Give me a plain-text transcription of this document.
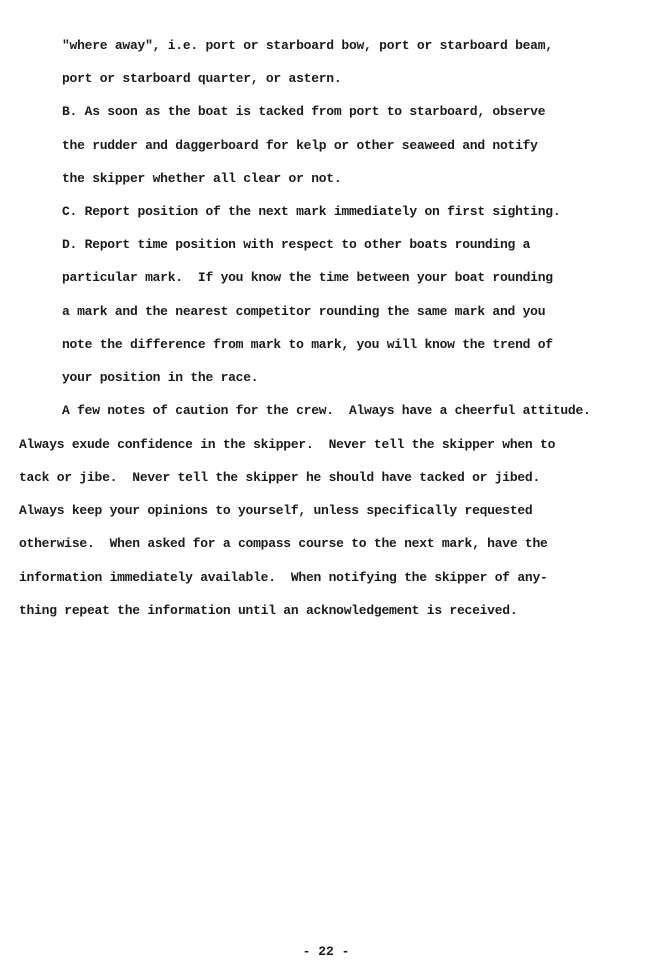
"where away", i.e. port or starboard bow, port or starboard beam,
port or starboard quarter, or astern.
B. As soon as the boat is tacked from port to starboard, observe
the rudder and daggerboard for kelp or other seaweed and notify
the skipper whether all clear or not.
C. Report position of the next mark immediately on first sighting.
D. Report time position with respect to other boats rounding a
particular mark.  If you know the time between your boat rounding
a mark and the nearest competitor rounding the same mark and you
note the difference from mark to mark, you will know the trend of
your position in the race.
A few notes of caution for the crew.  Always have a cheerful attitude.
Always exude confidence in the skipper.  Never tell the skipper when to
tack or jibe.  Never tell the skipper he should have tacked or jibed.
Always keep your opinions to yourself, unless specifically requested
otherwise.  When asked for a compass course to the next mark, have the
information immediately available.  When notifying the skipper of any-
thing repeat the information until an acknowledgement is received.
- 22 -
